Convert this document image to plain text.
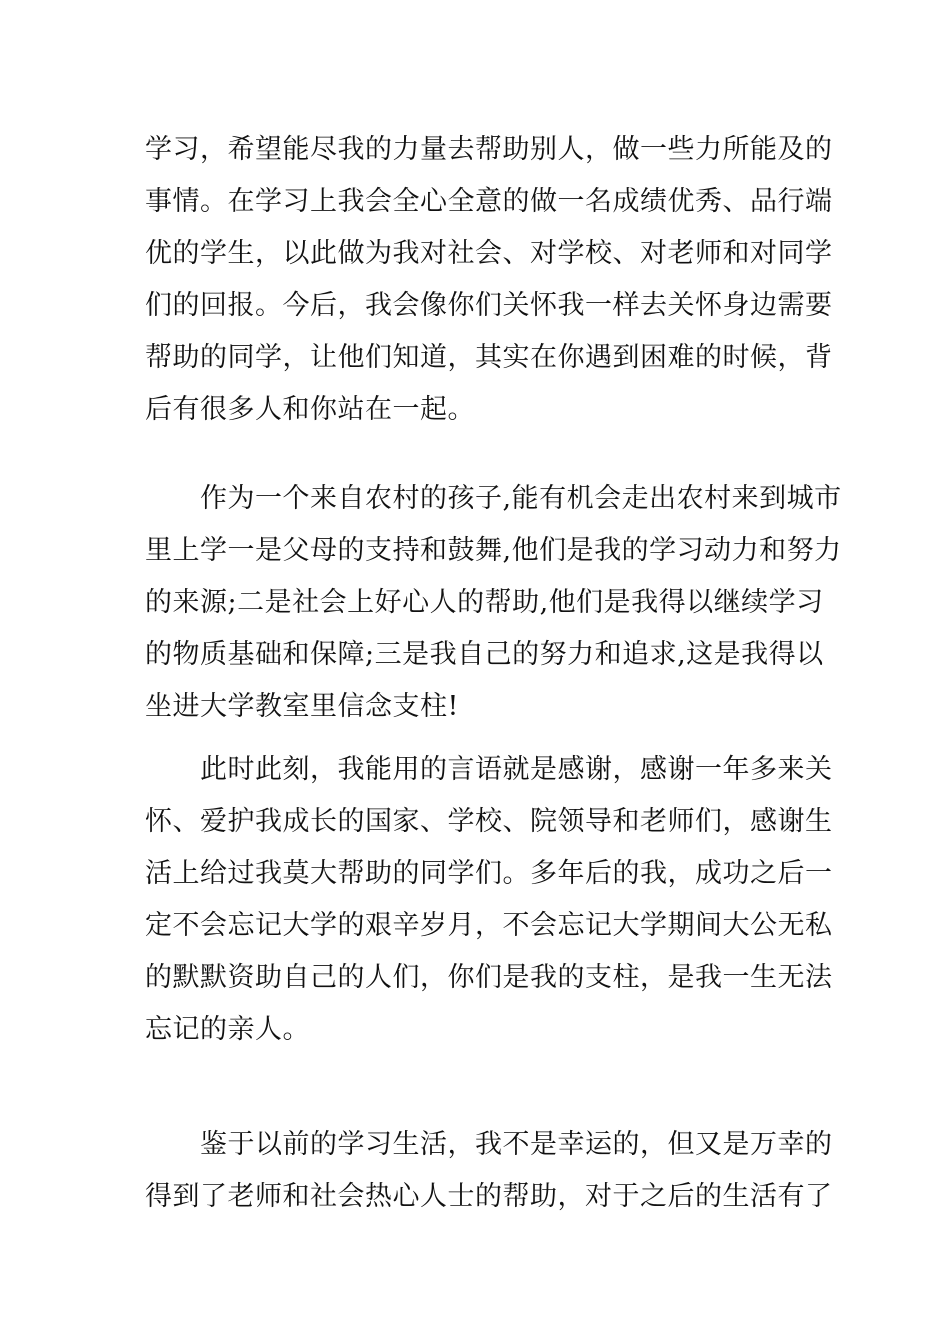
学习，希望能尽我的力量去帮助别人，做一些力所能及的
事情。在学习上我会全心全意的做一名成绩优秀、品行端
优的学生，以此做为我对社会、对学校、对老师和对同学
们的回报。今后，我会像你们关怀我一样去关怀身边需要
帮助的同学，让他们知道，其实在你遇到困难的时候，背
后有很多人和你站在一起。
　　作为一个来自农村的孩子,能有机会走出农村来到城市
里上学一是父母的支持和鼓舞,他们是我的学习动力和努力
的来源;二是社会上好心人的帮助,他们是我得以继续学习
的物质基础和保障;三是我自己的努力和追求,这是我得以
坐进大学教室里信念支柱!
　　此时此刻，我能用的言语就是感谢，感谢一年多来关
怀、爱护我成长的国家、学校、院领导和老师们，感谢生
活上给过我莫大帮助的同学们。多年后的我，成功之后一
定不会忘记大学的艰辛岁月，不会忘记大学期间大公无私
的默默资助自己的人们，你们是我的支柱，是我一生无法
忘记的亲人。
　　鉴于以前的学习生活，我不是幸运的，但又是万幸的
得到了老师和社会热心人士的帮助，对于之后的生活有了
